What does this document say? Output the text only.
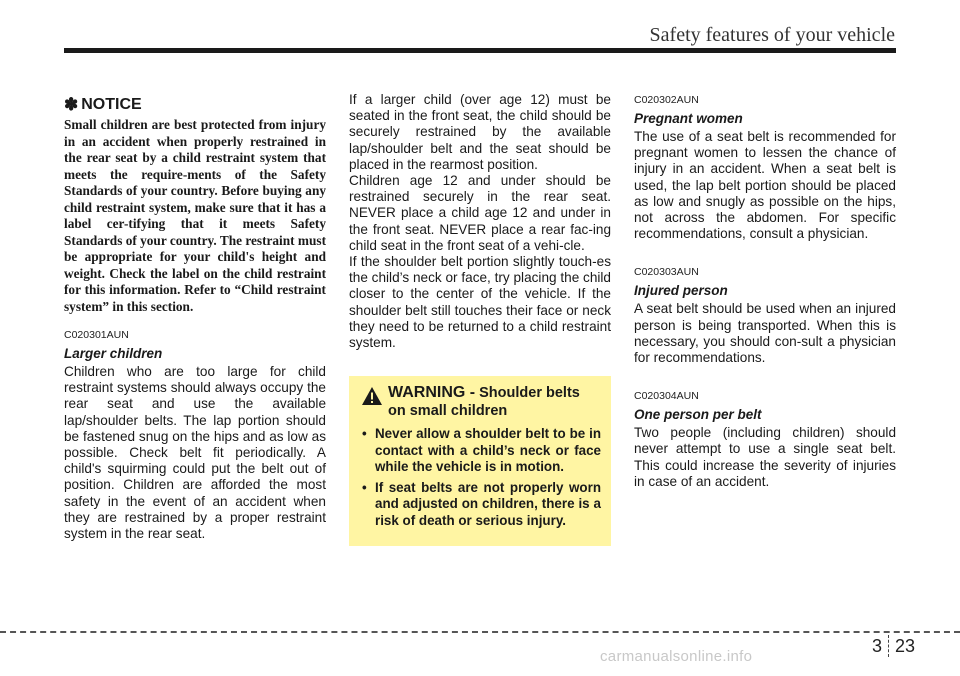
Safety features of your vehicle
✽ NOTICE
Small children are best protected from injury in an accident when properly restrained in the rear seat by a child restraint system that meets the require-ments of the Safety Standards of your country. Before buying any child restraint system, make sure that it has a label cer-tifying that it meets Safety Standards of your country. The restraint must be appropriate for your child's height and weight. Check the label on the child restraint for this information. Refer to “Child restraint system” in this section.
C020301AUN
Larger children
Children who are too large for child restraint systems should always occupy the rear seat and use the available lap/shoulder belts. The lap portion should be fastened snug on the hips and as low as possible. Check belt fit periodically. A child's squirming could put the belt out of position. Children are afforded the most safety in the event of an accident when they are restrained by a proper restraint system in the rear seat.
If a larger child (over age 12) must be seated in the front seat, the child should be securely restrained by the available lap/shoulder belt and the seat should be placed in the rearmost position.
Children age 12 and under should be restrained securely in the rear seat. NEVER place a child age 12 and under in the front seat. NEVER place a rear fac-ing child seat in the front seat of a vehi-cle.
If the shoulder belt portion slightly touch-es the child’s neck or face, try placing the child closer to the center of the vehicle. If the shoulder belt still touches their face or neck they need to be returned to a child restraint system.
WARNING - Shoulder belts on small children
• Never allow a shoulder belt to be in contact with a child’s neck or face while the vehicle is in motion.
• If seat belts are not properly worn and adjusted on children, there is a risk of death or serious injury.
C020302AUN
Pregnant women
The use of a seat belt is recommended for pregnant women to lessen the chance of injury in an accident. When a seat belt is used, the lap belt portion should be placed as low and snugly as possible on the hips, not across the abdomen. For specific recommendations, consult a physician.
C020303AUN
Injured person
A seat belt should be used when an injured person is being transported. When this is necessary, you should con-sult a physician for recommendations.
C020304AUN
One person per belt
Two people (including children) should never attempt to use a single seat belt. This could increase the severity of injuries in case of an accident.
carmanualsonline.info
3 23
